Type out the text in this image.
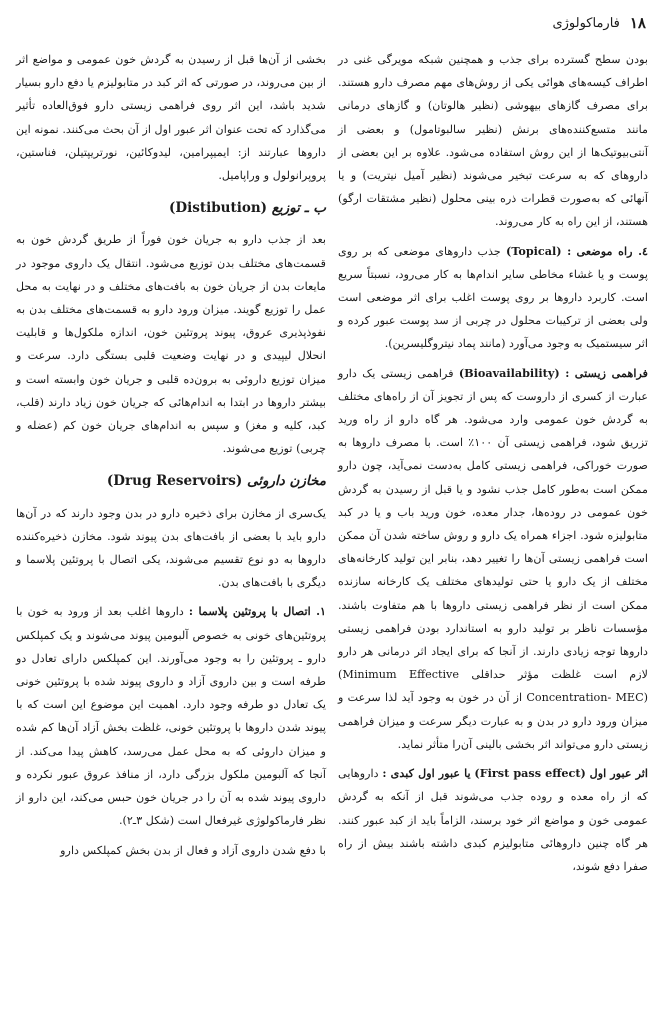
۱۸
فارماکولوژی

بودن سطح گسترده برای جذب و همچنین شبکه مویرگی غنی در اطراف کیسه‌های هوائی یکی از روش‌های مهم مصرف دارو هستند. برای مصرف گازهای بیهوشی (نظیر هالوتان) و گازهای درمانی مانند متسع‌کننده‌های برنش (نظیر سالبوتامول) و بعضی از آنتی‌بیوتیک‌ها از این روش استفاده می‌شود. علاوه بر این بعضی از داروهای که به سرعت تبخیر می‌شوند (نظیر آمیل نیتریت) و یا آنهائی که به‌صورت قطرات ذره بینی محلول (نظیر مشتقات ارگو) هستند، از این راه به کار می‌روند.

٤. راه موضعی (Topical) : جذب داروهای موضعی که بر روی پوست و یا غشاء مخاطی سایر اندام‌ها به کار می‌رود، نسبتاً سریع است. کاربرد داروها بر روی پوست اغلب برای اثر موضعی است ولی بعضی از ترکیبات محلول در چربی از سد پوست عبور کرده و اثر سیستمیک به وجود می‌آورد (مانند پماد نیتروگلیسرین).

فراهمی زیستی (Bioavailability) : فراهمی زیستی یک دارو عبارت از کسری از داروست که پس از تجویز آن از راه‌های مختلف به گردش خون عمومی وارد می‌شود. هر گاه دارو از راه ورید تزریق شود، فراهمی زیستی آن ۱۰۰٪ است. با مصرف داروها به صورت خوراکی، فراهمی زیستی کامل به‌دست نمی‌آید، چون دارو ممکن است به‌طور کامل جذب نشود و یا قبل از رسیدن به گردش خون عمومی در روده‌ها، جدار معده، خون ورید باب و یا در کبد متابولیزه شود. اجزاء همراه یک دارو و روش ساخته شدن آن ممکن است فراهمی زیستی آن‌ها را تغییر دهد، بنابر این تولید کارخانه‌های مختلف از یک دارو یا حتی تولیدهای مختلف یک کارخانه سازنده ممکن است از نظر فراهمی زیستی داروها با هم متفاوت باشند. مؤسسات ناظر بر تولید دارو به استاندارد بودن فراهمی زیستی داروها توجه زیادی دارند. از آنجا که برای ایجاد اثر درمانی هر دارو لازم است غلظت مؤثر حداقلی (Minimum Effective Concentration- MEC) از آن در خون به وجود آید لذا سرعت و میزان ورود دارو در بدن و به عبارت دیگر سرعت و میزان فراهمی زیستی دارو می‌تواند اثر بخشی بالینی آن‌را متأثر نماید.

اثر عبور اول (First pass effect) یا عبور اول کبدی : داروهایی که از راه معده و روده جذب می‌شوند قبل از آنکه به گردش عمومی خون و مواضع اثر خود برسند، الزاماً باید از کبد عبور کنند. هر گاه چنین داروهائی متابولیزم کبدی داشته باشند بیش از راه صفرا دفع شوند،

بخشی از آن‌ها قبل از رسیدن به گردش خون عمومی و مواضع اثر از بین می‌روند، در صورتی که اثر کبد در متابولیزم یا دفع دارو بسیار شدید باشد، این اثر روی فراهمی زیستی دارو فوق‌العاده تأثیر می‌گذارد که تحت عنوان اثر عبور اول از آن بحث می‌کنند. نمونه این داروها عبارتند از: ایمیپرامین، لیدوکائین، نورتریپتیلن، فناستین، پروپرانولول و وراپامیل.

ب ـ توزیع (Distibution)

بعد از جذب دارو به جریان خون فوراً از طریق گردش خون به قسمت‌های مختلف بدن توزیع می‌شود. انتقال یک داروی موجود در مایعات بدن از جریان خون به بافت‌های مختلف و در نهایت به محل عمل را توزیع گویند. میزان ورود دارو به قسمت‌های مختلف بدن به نفوذپذیری عروق، پیوند پروتئین خون، اندازه ملکول‌ها و قابلیت انحلال لیپیدی و در نهایت وضعیت قلبی بستگی دارد. سرعت و میزان توزیع داروئی به برون‌ده قلبی و جریان خون وابسته است و بیشتر داروها در ابتدا به اندام‌هائی که جریان خون زیاد دارند (قلب، کبد، کلیه و مغز) و سپس به اندام‌های جریان خون کم (عضله و چربی) توزیع می‌شوند.

مخازن داروئی (Drug Reservoirs)

یک‌سری از مخازن برای ذخیره دارو در بدن وجود دارند که در آن‌ها دارو باید با بعضی از بافت‌های بدن پیوند شود. مخازن ذخیره‌کننده داروها به دو نوع تقسیم می‌شوند، یکی اتصال با پروتئین پلاسما و دیگری با بافت‌های بدن.

۱. اتصال با پروتئین پلاسما : داروها اغلب بعد از ورود به خون با پروتئین‌های خونی به خصوص آلبومین پیوند می‌شوند و یک کمپلکس دارو ـ پروتئین را به وجود می‌آورند. این کمپلکس دارای تعادل دو طرفه است و بین داروی آزاد و داروی پیوند شده با پروتئین خونی یک تعادل دو طرفه وجود دارد. اهمیت این موضوع این است که با پیوند شدن داروها با پروتئین خونی، غلظت بخش آزاد آن‌ها کم شده و میزان داروئی که به محل عمل می‌رسد، کاهش پیدا می‌کند. از آنجا که آلبومین ملکول بزرگی دارد، از منافذ عروق عبور نکرده و داروی پیوند شده به آن را در جریان خون حبس می‌کند، این دارو از نظر فارماکولوژی غیرفعال است (شکل ۳ـ۲).

با دفع شدن داروی آزاد و فعال از بدن بخش کمپلکس دارو
